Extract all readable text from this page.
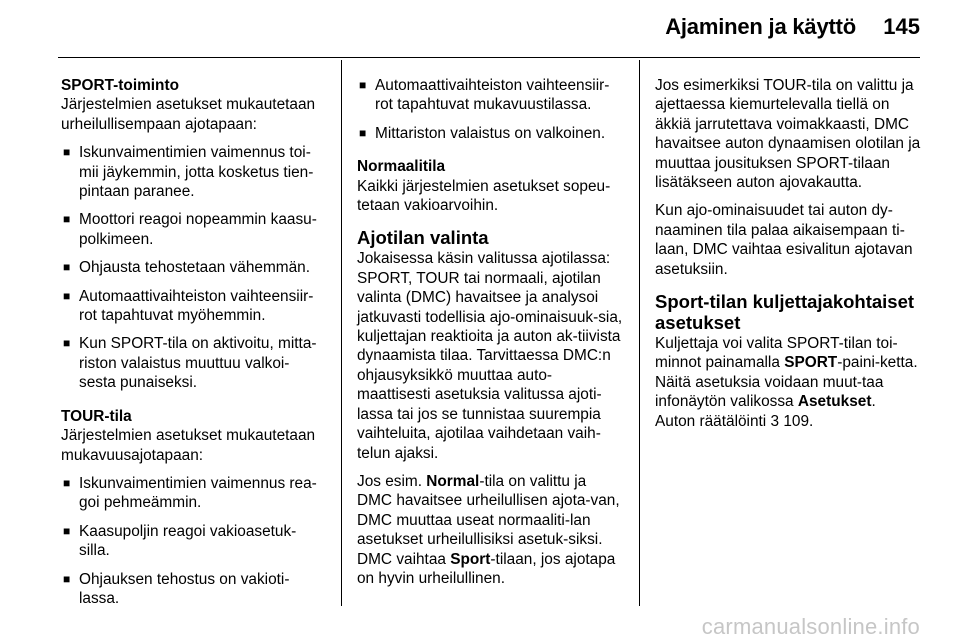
Ajaminen ja käyttö 145
SPORT-toiminto

Järjestelmien asetukset mukautetaan urheilullisempaan ajotapaan:

■ Iskunvaimentimien vaimennus toi-mii jäykemmin, jotta kosketus tien-pintaan paranee.
■ Moottori reagoi nopeammin kaasu-polkimeen.
■ Ohjausta tehostetaan vähemmän.
■ Automaattivaihteiston vaihteensiir-rot tapahtuvat myöhemmin.
■ Kun SPORT-tila on aktivoitu, mitta-riston valaistus muuttuu valkoi-sesta punaiseksi.
TOUR-tila

Järjestelmien asetukset mukautetaan mukavuusajotapaan:

■ Iskunvaimentimien vaimennus rea-goi pehmeämmin.
■ Kaasupoljin reagoi vakioasetuk-silla.
■ Ohjauksen tehostus on vakioti-lassa.
■ Automaattivaihteiston vaihteensiir-rot tapahtuvat mukavuustilassa.
■ Mittariston valaistus on valkoinen.
Normaalitila

Kaikki järjestelmien asetukset sopeu-tetaan vakioarvoihin.

Ajotilan valinta

Jokaisessa käsin valitussa ajotilassa: SPORT, TOUR tai normaali, ajotilan valinta (DMC) havaitsee ja analysoi jatkuvasti todellisia ajo-ominaisuuk-sia, kuljettajan reaktioita ja auton ak-tiivista dynaamista tilaa. Tarvittaessa DMC:n ohjausyksikkö muuttaa auto-maattisesti asetuksia valitussa ajoti-lassa tai jos se tunnistaa suurempia vaihteluita, ajotilaa vaihdetaan vaih-telun ajaksi.

Jos esim. Normal-tila on valittu ja DMC havaitsee urheilullisen ajota-van, DMC muuttaa useat normaaliti-lan asetukset urheilullisiksi asetuk-siksi. DMC vaihtaa Sport-tilaan, jos ajotapa on hyvin urheilullinen.

Jos esimerkiksi TOUR-tila on valittu ja ajettaessa kiemurtelevalla tiellä on äkkiä jarrutettava voimakkaasti, DMC havaitsee auton dynaamisen olotilan ja muuttaa jousituksen SPORT-tilaan lisätäkseen auton ajovakautta.

Kun ajo-ominaisuudet tai auton dy-naaminen tila palaa aikaisempaan ti-laan, DMC vaihtaa esivalitun ajotavan asetuksiin.

Sport-tilan kuljettajakohtaiset asetukset

Kuljettaja voi valita SPORT-tilan toi-minnot painamalla SPORT-paini-ketta. Näitä asetuksia voidaan muut-taa infonäytön valikossa Asetukset.

Auton räätälöinti 3 109.

carmanualsonline.info
